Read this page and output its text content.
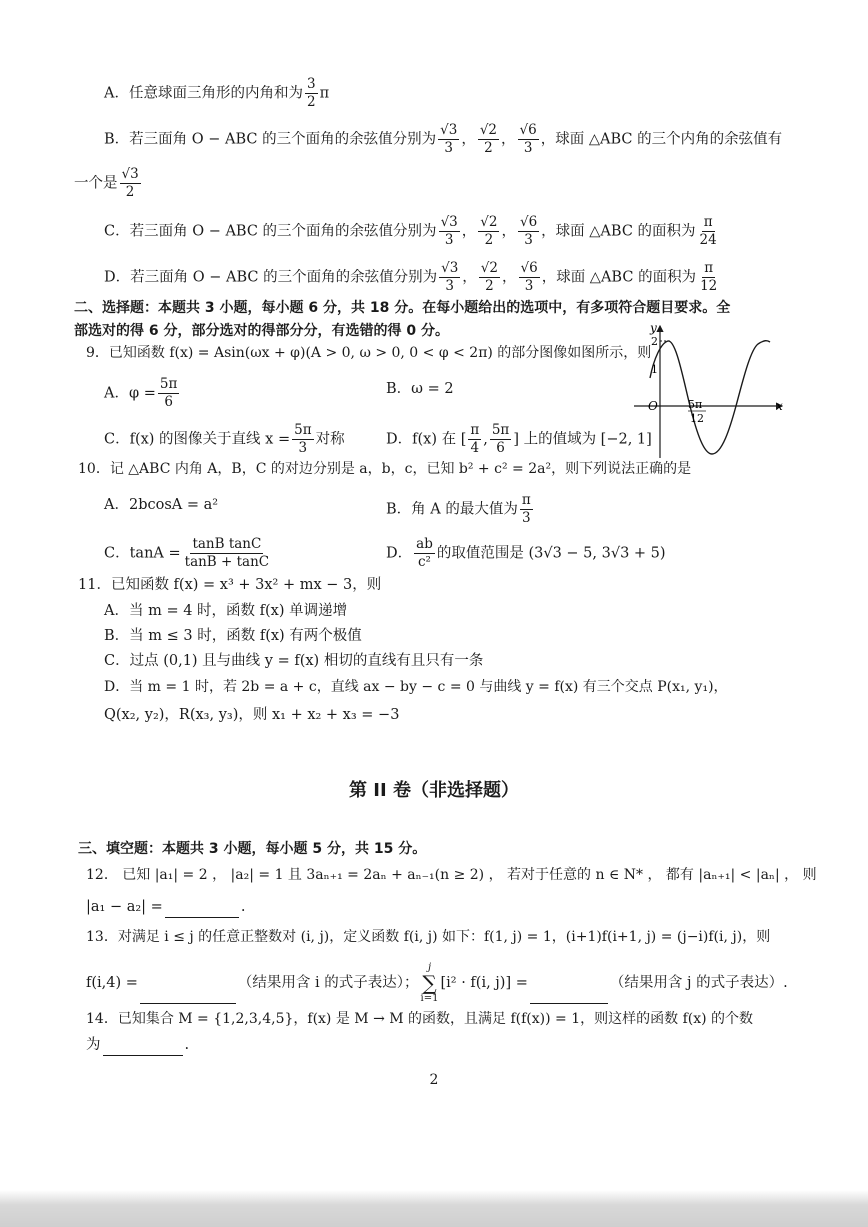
A．任意球面三角形的内角和为 $\frac{3}{2}$ π
B．若三面角 O − ABC 的三个面角的余弦值分别为 $\frac{√3}{3}$ ， $\frac{√2}{2}$ ， $\frac{√6}{3}$ ，球面 △ABC 的三个内角的余弦值有
一个是 $\frac{√3}{2}$
C．若三面角 O − ABC 的三个面角的余弦值分别为 $\frac{√3}{3}$ ， $\frac{√2}{2}$ ， $\frac{√6}{3}$ ，球面 △ABC 的面积为 $\frac{\pi}{24}$
D．若三面角 O − ABC 的三个面角的余弦值分别为 $\frac{√3}{3}$ ， $\frac{√2}{2}$ ， $\frac{√6}{3}$ ，球面 △ABC 的面积为 $\frac{\pi}{12}$
二、选择题：本题共 3 小题，每小题 6 分，共 18 分。在每小题给出的选项中，有多项符合题目要求。全
部选对的得 6 分，部分选对的得部分分，有选错的得 0 分。
9．已知函数 f(x) = Asin(ωx + φ)(A > 0, ω > 0, 0 < φ < 2π) 的部分图像如图所示，则
A．$\varphi = \frac{5\pi}{6}$	B．ω = 2
C．f(x) 的图像关于直线 $x = \frac{5\pi}{3}$ 对称	D．f(x) 在 [ $\frac{\pi}{4}$ , $\frac{5\pi}{6}$ ] 上的值域为 [−2, 1]
y
x
O
2
1
5π
12
10．记 △ABC 内角 A，B，C 的对边分别是 a，b，c，已知 b² + c² = 2a²，则下列说法正确的是
A．2bcosA = a²	B．角 A 的最大值为 $\frac{\pi}{3}$
C．$\tan A = \frac{\text{tanB tanC}}{\tan B + \tan C}$	D． $\frac{ab}{\text{c²}}$ 的取值范围是 (3√3 − 5, 3√3 + 5)
11．已知函数 f(x) = x³ + 3x² + mx − 3，则
A．当 m = 4 时，函数 f(x) 单调递增
B．当 m ≤ 3 时，函数 f(x) 有两个极值
C．过点 (0,1) 且与曲线 y = f(x) 相切的直线有且只有一条
D．当 m = 1 时，若 2b = a + c，直线 ax − by − c = 0 与曲线 y = f(x) 有三个交点 P(x₁, y₁)，
Q(x₂, y₂)，R(x₃, y₃)，则 x₁ + x₂ + x₃ = −3
第 II 卷（非选择题）
三、填空题：本题共 3 小题，每小题 5 分，共 15 分。
12． 已知 |a₁| = 2 ， |a₂| = 1 且 3aₙ₊₁ = 2aₙ + aₙ₋₁(n ≥ 2) ， 若对于任意的 n ∈ N* ， 都有 |aₙ₊₁| < |aₙ| ， 则
|a₁ − a₂| =	.
13．对满足 i ≤ j 的任意正整数对 (i, j)，定义函数 f(i, j) 如下：f(1, j) = 1，(i+1)f(i+1, j) = (j−i)f(i, j)，则
f(i,4) =	（结果用含 i 的式子表达）；
j
∑
i=1
[i² · f(i, j)] =	（结果用含 j 的式子表达）.
14．已知集合 M = {1,2,3,4,5}，f(x) 是 M → M 的函数，且满足 f(f(x)) = 1，则这样的函数 f(x) 的个数
为	.
2
